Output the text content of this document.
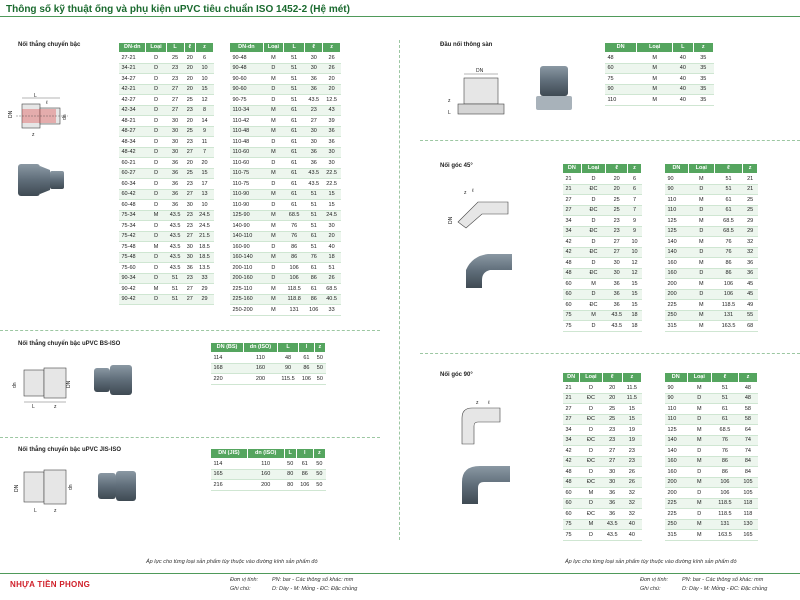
Thông số kỹ thuật ống và phụ kiện uPVC tiêu chuẩn ISO 1452-2 (Hệ mét)
Nối thẳng chuyển bậc
L
ℓ
DN	dn
z
DN-dn	Loại	L	ℓ	z
27-21	D	25	20	6
34-21	D	23	20	10
34-27	D	23	20	10
42-21	D	27	20	15
42-27	D	27	25	12
42-34	D	27	23	8
48-21	D	30	20	14
48-27	D	30	25	9
48-34	D	30	23	11
48-42	D	30	27	7
60-21	D	36	20	20
60-27	D	36	25	15
60-34	D	36	23	17
60-42	D	36	27	13
60-48	D	36	30	10
75-34	M	43.5	23	24.5
75-34	D	43.5	23	24.5
75-42	D	43.5	27	21.5
75-48	M	43.5	30	18.5
75-48	D	43.5	30	18.5
75-60	D	43.5	36	13.5
90-34	D	51	23	33
90-42	M	51	27	29
90-42	D	51	27	29
DN-dn	Loại	L	ℓ	z
90-48	M	51	30	26
90-48	D	51	30	26
90-60	M	51	36	20
90-60	D	51	36	20
90-75	D	51	43.5	12.5
110-34	M	61	23	43
110-42	M	61	27	39
110-48	M	61	30	36
110-48	D	61	30	36
110-60	M	61	36	30
110-60	D	61	36	30
110-75	M	61	43.5	22.5
110-75	D	61	43.5	22.5
110-90	M	61	51	15
110-90	D	61	51	15
125-90	M	68.5	51	24.5
140-90	M	76	51	30
140-110	M	76	61	20
160-90	D	86	51	40
160-140	M	86	76	18
200-110	D	106	61	51
200-160	D	106	86	26
225-110	M	118.5	61	68.5
225-160	M	118.8	86	40.5
250-200	M	131	106	33
Nối thẳng chuyển bậc uPVC BS-ISO
dn	DN
L	z
DN (BS)	dn (ISO)	L	l	z
114	110	48	61	50
168	160	90	86	50
220	200	115.5	106	50
Nối thẳng chuyển bậc uPVC JIS-ISO
DN	dn
L	z
DN (JIS)	dn (ISO)	L	l	z
114	110	50	61	50
165	160	80	86	50
216	200	80	106	50
Đầu nối thông sàn
DN
z
L
DN	Loại	L	z
48	M	40	35
60	M	40	35
75	M	40	35
90	M	40	35
110	M	40	35
Nối góc 45°
z ℓ
DN
DN	Loại	ℓ	z
21	D	20	6
21	ĐC	20	6
27	D	25	7
27	ĐC	25	7
34	D	23	9
34	ĐC	23	9
42	D	27	10
42	ĐC	27	10
48	D	30	12
48	ĐC	30	12
60	M	36	15
60	D	36	15
60	ĐC	36	15
75	M	43.5	18
75	D	43.5	18
DN	Loại	ℓ	z
90	M	51	21
90	D	51	21
110	M	61	25
110	D	61	25
125	M	68.5	29
125	D	68.5	29
140	M	76	32
140	D	76	32
160	M	86	36
160	D	86	36
200	M	106	45
200	D	106	45
225	M	118.5	49
250	M	131	55
315	M	163.5	68
Nối góc 90°
z ℓ
DN	Loại	ℓ	z
21	D	20	11.5
21	ĐC	20	11.5
27	D	25	15
27	ĐC	25	15
34	D	23	19
34	ĐC	23	19
42	D	27	23
42	ĐC	27	23
48	D	30	26
48	ĐC	30	26
60	M	36	32
60	D	36	32
60	ĐC	36	32
75	M	43.5	40
75	D	43.5	40
DN	Loại	ℓ	z
90	M	51	48
90	D	51	48
110	M	61	58
110	D	61	58
125	M	68.5	64
140	M	76	74
140	D	76	74
160	M	86	84
160	D	86	84
200	M	106	105
200	D	106	105
225	M	118.5	118
225	D	118.5	118
250	M	131	130
315	M	163.5	165
Áp lực cho từng loại sản phẩm tùy thuộc vào đường kính sản phẩm đó	Áp lực cho từng loại sản phẩm tùy thuộc vào đường kính sản phẩm đó
NHỰA TIỀN PHONG	Đơn vị tính:	PN: bar - Các thông số khác: mm
Ghi chú:	D: Dày - M: Mỏng - ĐC: Đặc chủng
Đơn vị tính:	PN: bar - Các thông số khác: mm
Ghi chú:	D: Dày - M: Mỏng - ĐC: Đặc chủng
